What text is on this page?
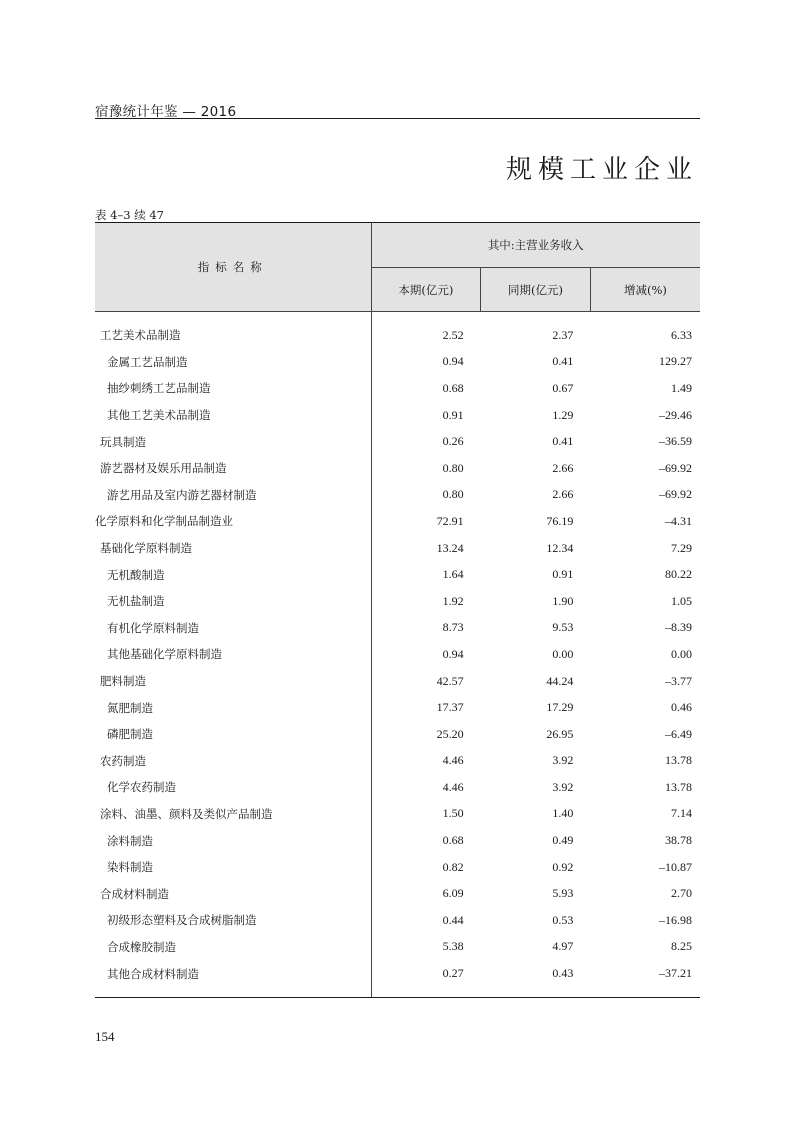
宿豫统计年鉴 — 2016
规模工业企业
表 4–3 续 47
指标名称	其中:主营业务收入		
	本期(亿元)	同期(亿元)	增减(%)

工艺美术品制造	2.52	2.37	6.33
金属工艺品制造	0.94	0.41	129.27
抽纱刺绣工艺品制造	0.68	0.67	1.49
其他工艺美术品制造	0.91	1.29	–29.46
玩具制造	0.26	0.41	–36.59
游艺器材及娱乐用品制造	0.80	2.66	–69.92
游艺用品及室内游艺器材制造	0.80	2.66	–69.92
化学原料和化学制品制造业	72.91	76.19	–4.31
基础化学原料制造	13.24	12.34	7.29
无机酸制造	1.64	0.91	80.22
无机盐制造	1.92	1.90	1.05
有机化学原料制造	8.73	9.53	–8.39
其他基础化学原料制造	0.94	0.00	0.00
肥料制造	42.57	44.24	–3.77
氮肥制造	17.37	17.29	0.46
磷肥制造	25.20	26.95	–6.49
农药制造	4.46	3.92	13.78
化学农药制造	4.46	3.92	13.78
涂料、油墨、颜料及类似产品制造	1.50	1.40	7.14
涂料制造	0.68	0.49	38.78
染料制造	0.82	0.92	–10.87
合成材料制造	6.09	5.93	2.70
初级形态塑料及合成树脂制造	0.44	0.53	–16.98
合成橡胶制造	5.38	4.97	8.25
其他合成材料制造	0.27	0.43	–37.21

154
